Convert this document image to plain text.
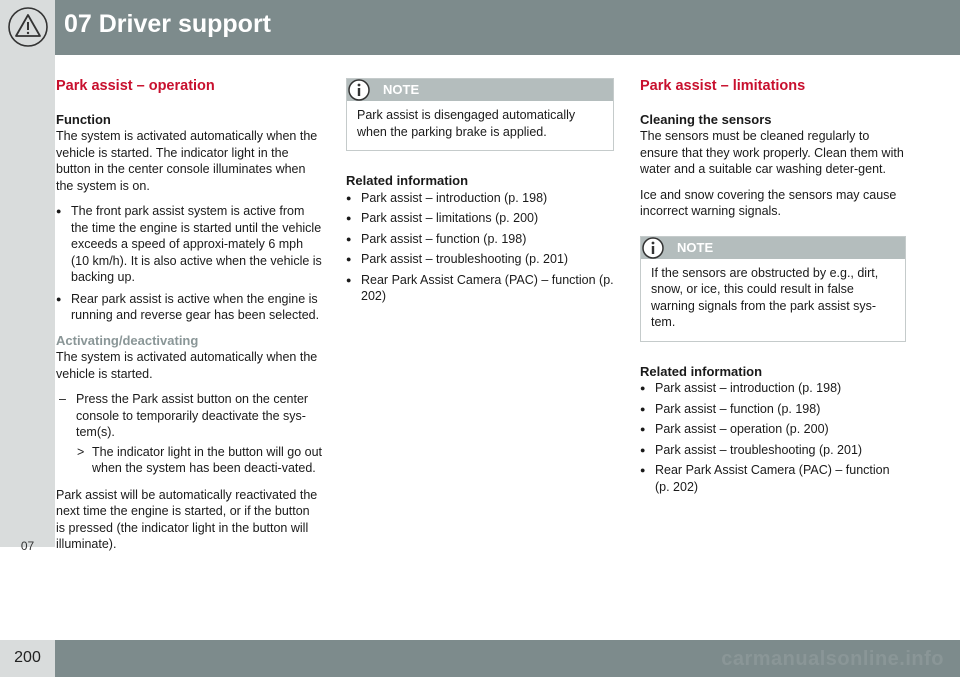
07 Driver support
07
Park assist – operation
Function

The system is activated automatically when the vehicle is started. The indicator light in the button in the center console illuminates when the system is on.

● The front park assist system is active from the time the engine is started until the vehicle exceeds a speed of approxi-mately 6 mph (10 km/h). It is also active when the vehicle is backing up.
● Rear park assist is active when the engine is running and reverse gear has been selected.
Activating/deactivating

The system is activated automatically when the vehicle is started.

– Press the Park assist button on the center console to temporarily deactivate the sys-tem(s).
> The indicator light in the button will go out when the system has been deacti-vated.

Park assist will be automatically reactivated the next time the engine is started, or if the button is pressed (the indicator light in the button will illuminate).

NOTE
Park assist is disengaged automatically when the parking brake is applied.
Related information
● Park assist – introduction (p. 198)
● Park assist – limitations (p. 200)
● Park assist – function (p. 198)
● Park assist – troubleshooting (p. 201)
● Rear Park Assist Camera (PAC) – function (p. 202)
Park assist – limitations
Cleaning the sensors

The sensors must be cleaned regularly to ensure that they work properly. Clean them with water and a suitable car washing deter-gent.

Ice and snow covering the sensors may cause incorrect warning signals.

NOTE
If the sensors are obstructed by e.g., dirt, snow, or ice, this could result in false warning signals from the park assist sys-tem.
Related information
● Park assist – introduction (p. 198)
● Park assist – function (p. 198)
● Park assist – operation (p. 200)
● Park assist – troubleshooting (p. 201)
● Rear Park Assist Camera (PAC) – function (p. 202)
200	carmanualsonline.info
